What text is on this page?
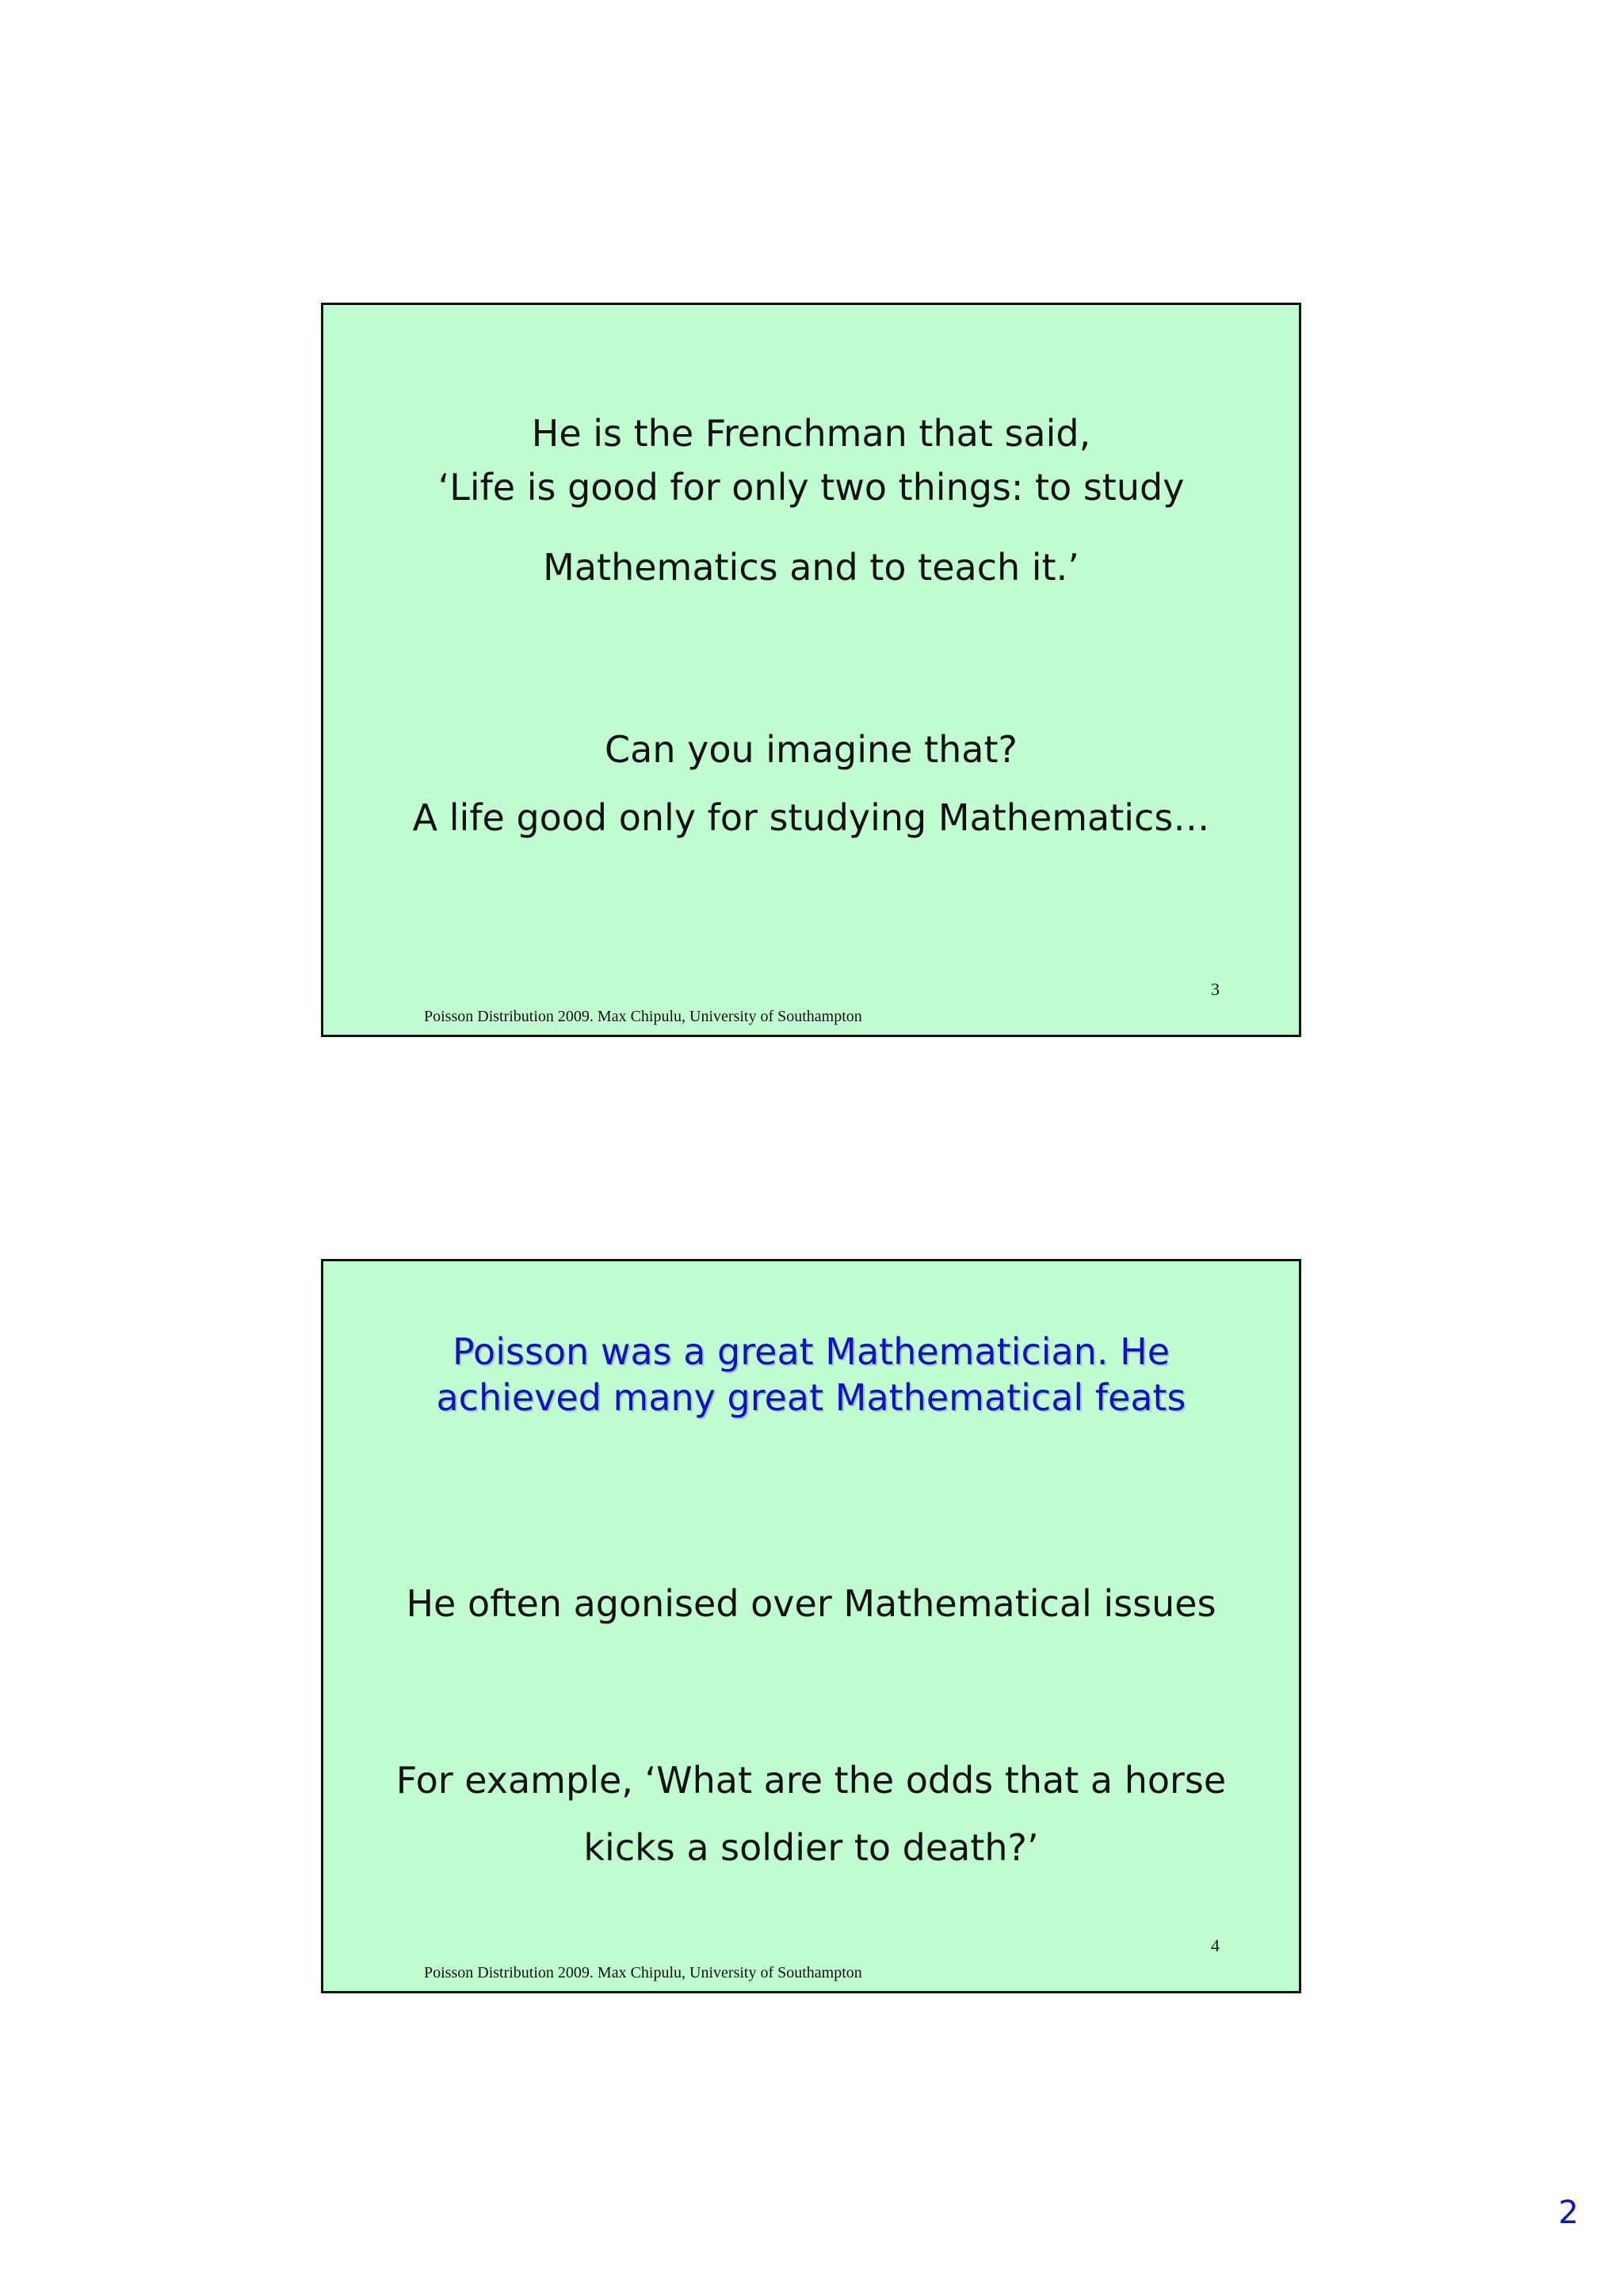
He is the Frenchman that said,
‘Life is good for only two things: to study
Mathematics and to teach it.’
Can you imagine that?
A life good only for studying Mathematics…
3
Poisson Distribution 2009. Max Chipulu, University of Southampton
Poisson was a great Mathematician. He
achieved many great Mathematical feats
He often agonised over Mathematical issues
For example, ‘What are the odds that a horse
kicks a soldier to death?’
4
Poisson Distribution 2009. Max Chipulu, University of Southampton
2
